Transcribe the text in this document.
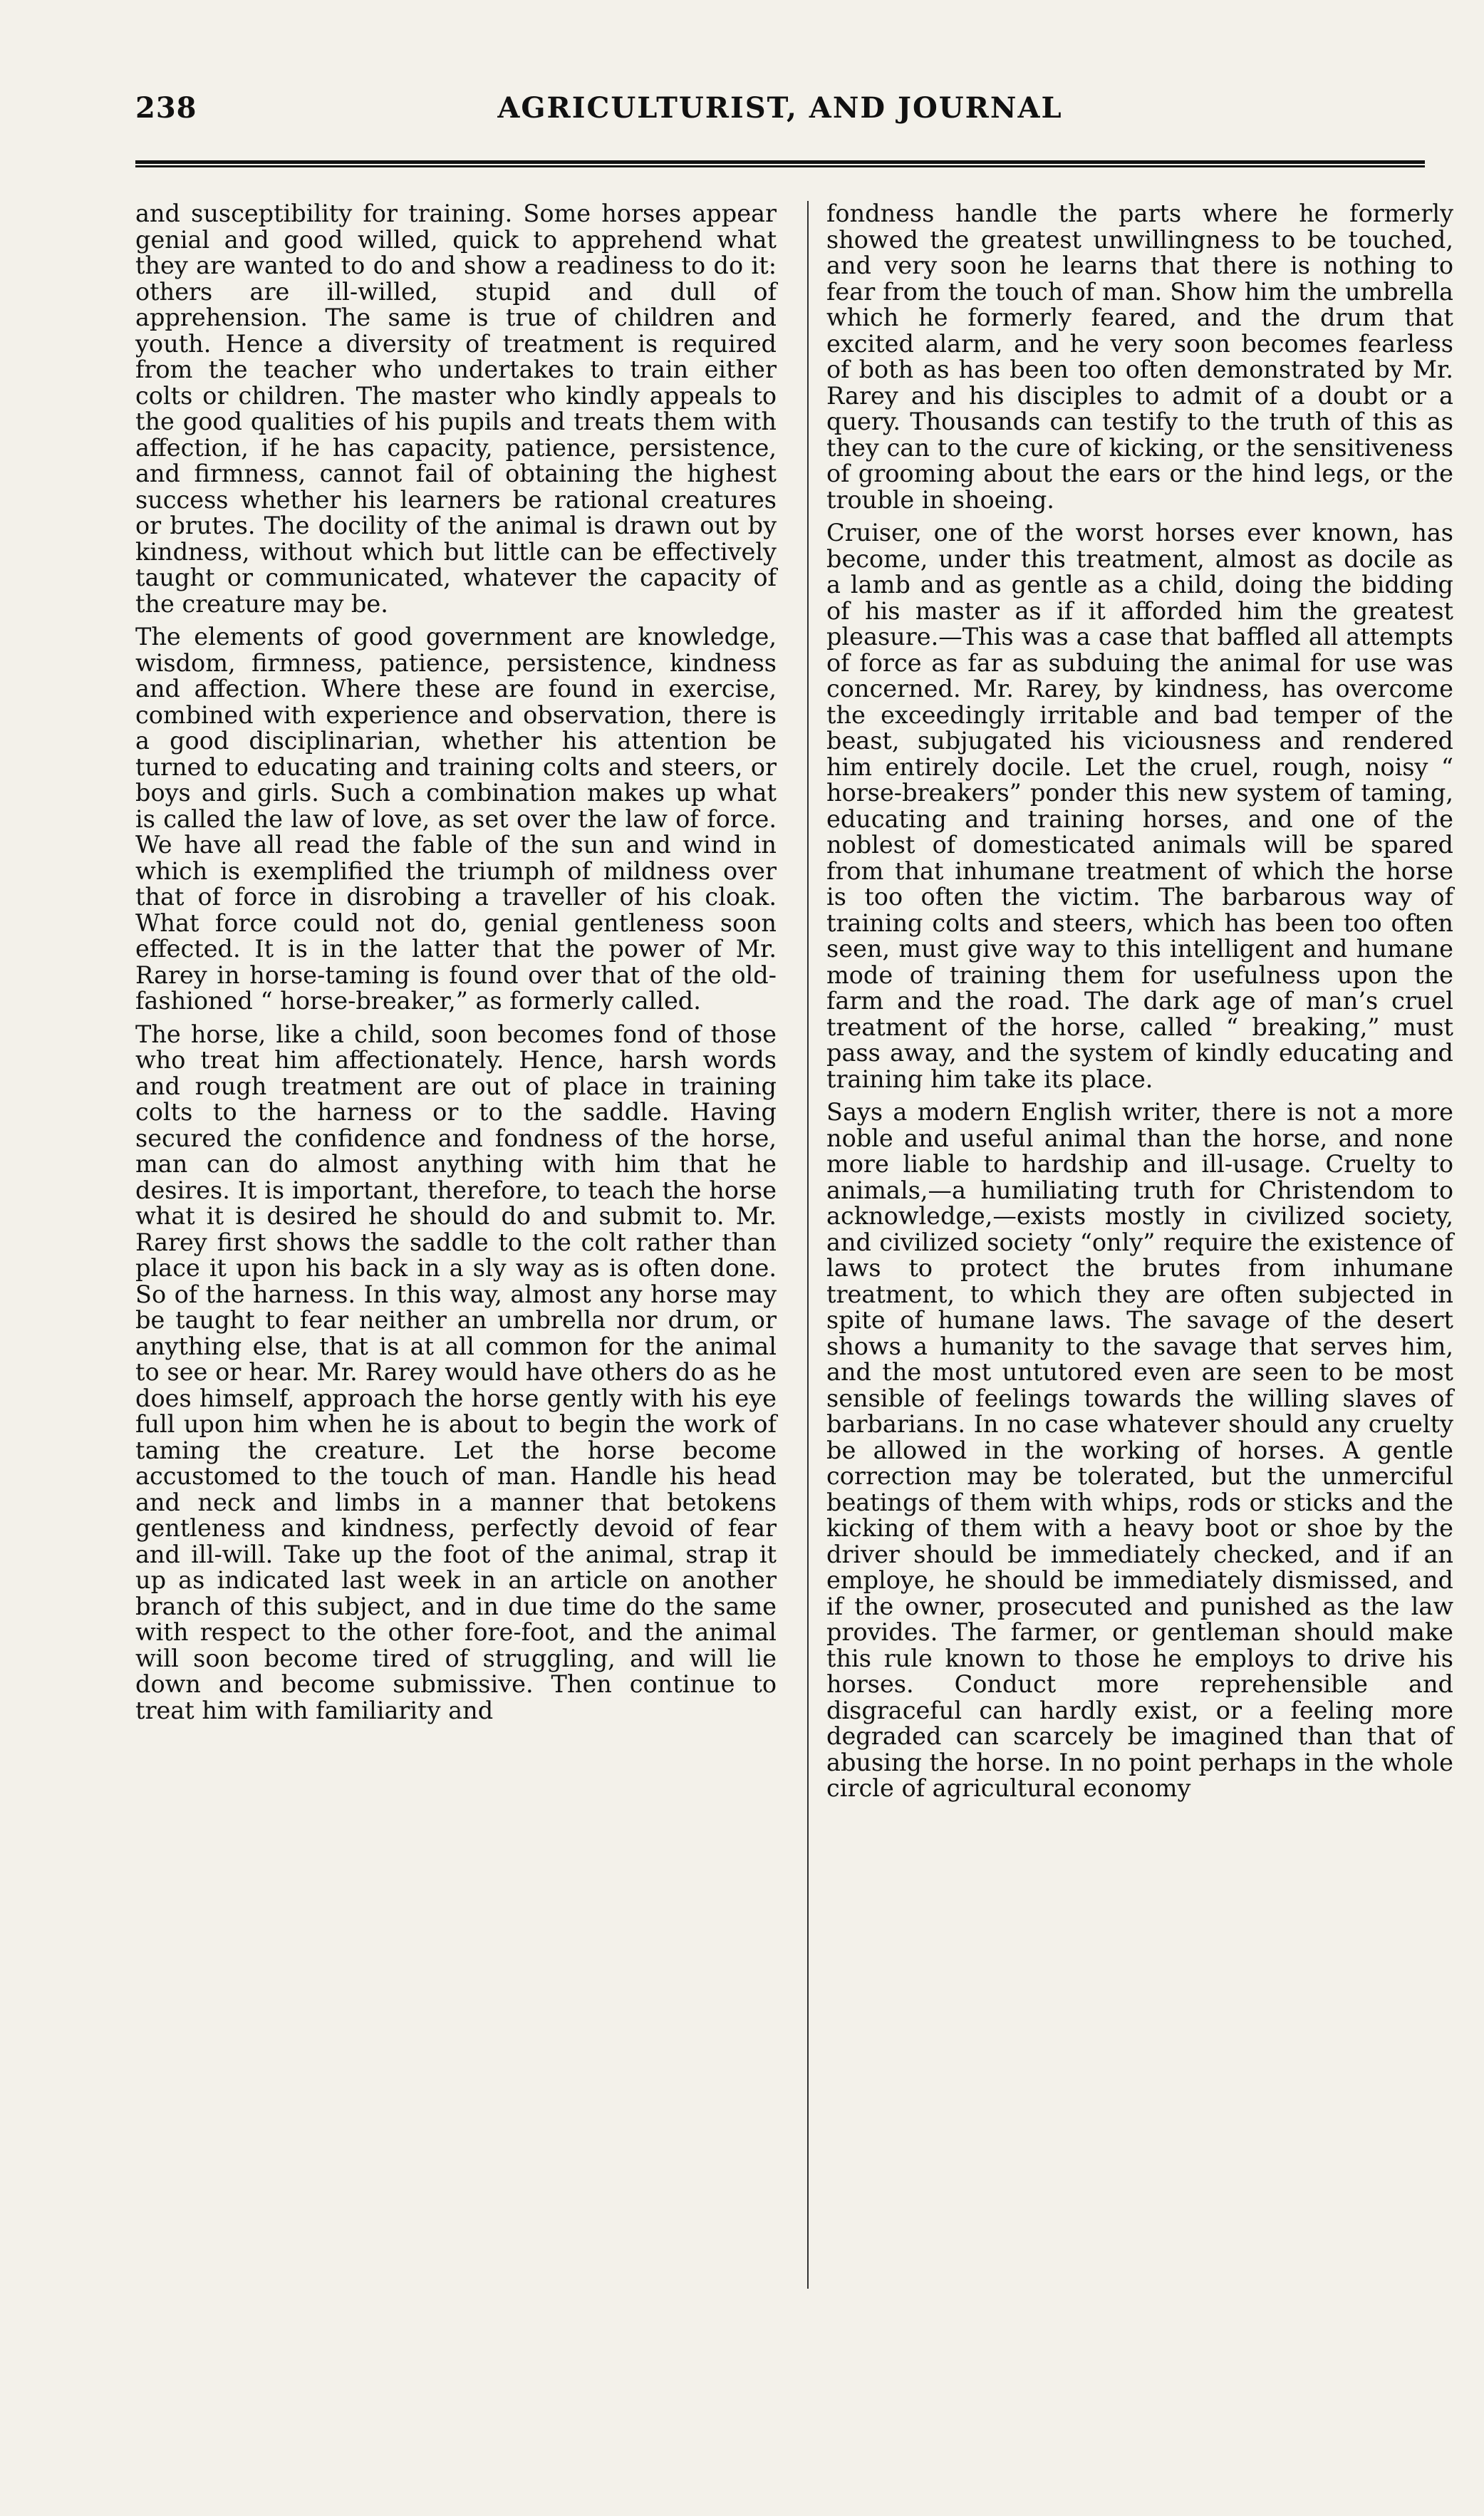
238	AGRICULTURIST, AND JOURNAL

and susceptibility for training. Some horses appear genial and good willed, quick to apprehend what they are wanted to do and show a readiness to do it: others are ill-willed, stupid and dull of apprehension. The same is true of children and youth. Hence a diversity of treatment is required from the teacher who undertakes to train either colts or children. The master who kindly appeals to the good qualities of his pupils and treats them with affection, if he has capacity, patience, persistence, and firmness, cannot fail of obtaining the highest success whether his learners be rational creatures or brutes. The docility of the animal is drawn out by kindness, without which but little can be effectively taught or communicated, whatever the capacity of the creature may be.

The elements of good government are knowledge, wisdom, firmness, patience, persistence, kindness and affection. Where these are found in exercise, combined with experience and observation, there is a good disciplinarian, whether his attention be turned to educating and training colts and steers, or boys and girls. Such a combination makes up what is called the law of love, as set over the law of force. We have all read the fable of the sun and wind in which is exemplified the triumph of mildness over that of force in disrobing a traveller of his cloak. What force could not do, genial gentleness soon effected. It is in the latter that the power of Mr. Rarey in horse-taming is found over that of the old-fashioned “ horse-breaker,” as formerly called.

The horse, like a child, soon becomes fond of those who treat him affectionately. Hence, harsh words and rough treatment are out of place in training colts to the harness or to the saddle. Having secured the confidence and fondness of the horse, man can do almost anything with him that he desires. It is important, therefore, to teach the horse what it is desired he should do and submit to. Mr. Rarey first shows the saddle to the colt rather than place it upon his back in a sly way as is often done. So of the harness. In this way, almost any horse may be taught to fear neither an umbrella nor drum, or anything else, that is at all common for the animal to see or hear. Mr. Rarey would have others do as he does himself, approach the horse gently with his eye full upon him when he is about to begin the work of taming the creature. Let the horse become accustomed to the touch of man. Handle his head and neck and limbs in a manner that betokens gentleness and kindness, perfectly devoid of fear and ill-will. Take up the foot of the animal, strap it up as indicated last week in an article on another branch of this subject, and in due time do the same with respect to the other fore-foot, and the animal will soon become tired of struggling, and will lie down and become submissive. Then continue to treat him with familiarity and

fondness handle the parts where he formerly showed the greatest unwillingness to be touched, and very soon he learns that there is nothing to fear from the touch of man. Show him the umbrella which he formerly feared, and the drum that excited alarm, and he very soon becomes fearless of both as has been too often demonstrated by Mr. Rarey and his disciples to admit of a doubt or a query. Thousands can testify to the truth of this as they can to the cure of kicking, or the sensitiveness of grooming about the ears or the hind legs, or the trouble in shoeing.

Cruiser, one of the worst horses ever known, has become, under this treatment, almost as docile as a lamb and as gentle as a child, doing the bidding of his master as if it afforded him the greatest pleasure.—This was a case that baffled all attempts of force as far as subduing the animal for use was concerned. Mr. Rarey, by kindness, has overcome the exceedingly irritable and bad temper of the beast, subjugated his viciousness and rendered him entirely docile. Let the cruel, rough, noisy “ horse-breakers” ponder this new system of taming, educating and training horses, and one of the noblest of domesticated animals will be spared from that inhumane treatment of which the horse is too often the victim. The barbarous way of training colts and steers, which has been too often seen, must give way to this intelligent and humane mode of training them for usefulness upon the farm and the road. The dark age of man’s cruel treatment of the horse, called “ breaking,” must pass away, and the system of kindly educating and training him take its place.

Says a modern English writer, there is not a more noble and useful animal than the horse, and none more liable to hardship and ill-usage. Cruelty to animals,—a humiliating truth for Christendom to acknowledge,—exists mostly in civilized society, and civilized society “only” require the existence of laws to protect the brutes from inhumane treatment, to which they are often subjected in spite of humane laws. The savage of the desert shows a humanity to the savage that serves him, and the most untutored even are seen to be most sensible of feelings towards the willing slaves of barbarians. In no case whatever should any cruelty be allowed in the working of horses. A gentle correction may be tolerated, but the unmerciful beatings of them with whips, rods or sticks and the kicking of them with a heavy boot or shoe by the driver should be immediately checked, and if an employe, he should be immediately dismissed, and if the owner, prosecuted and punished as the law provides. The farmer, or gentleman should make this rule known to those he employs to drive his horses. Conduct more reprehensible and disgraceful can hardly exist, or a feeling more degraded can scarcely be imagined than that of abusing the horse. In no point perhaps in the whole circle of agricultural economy
